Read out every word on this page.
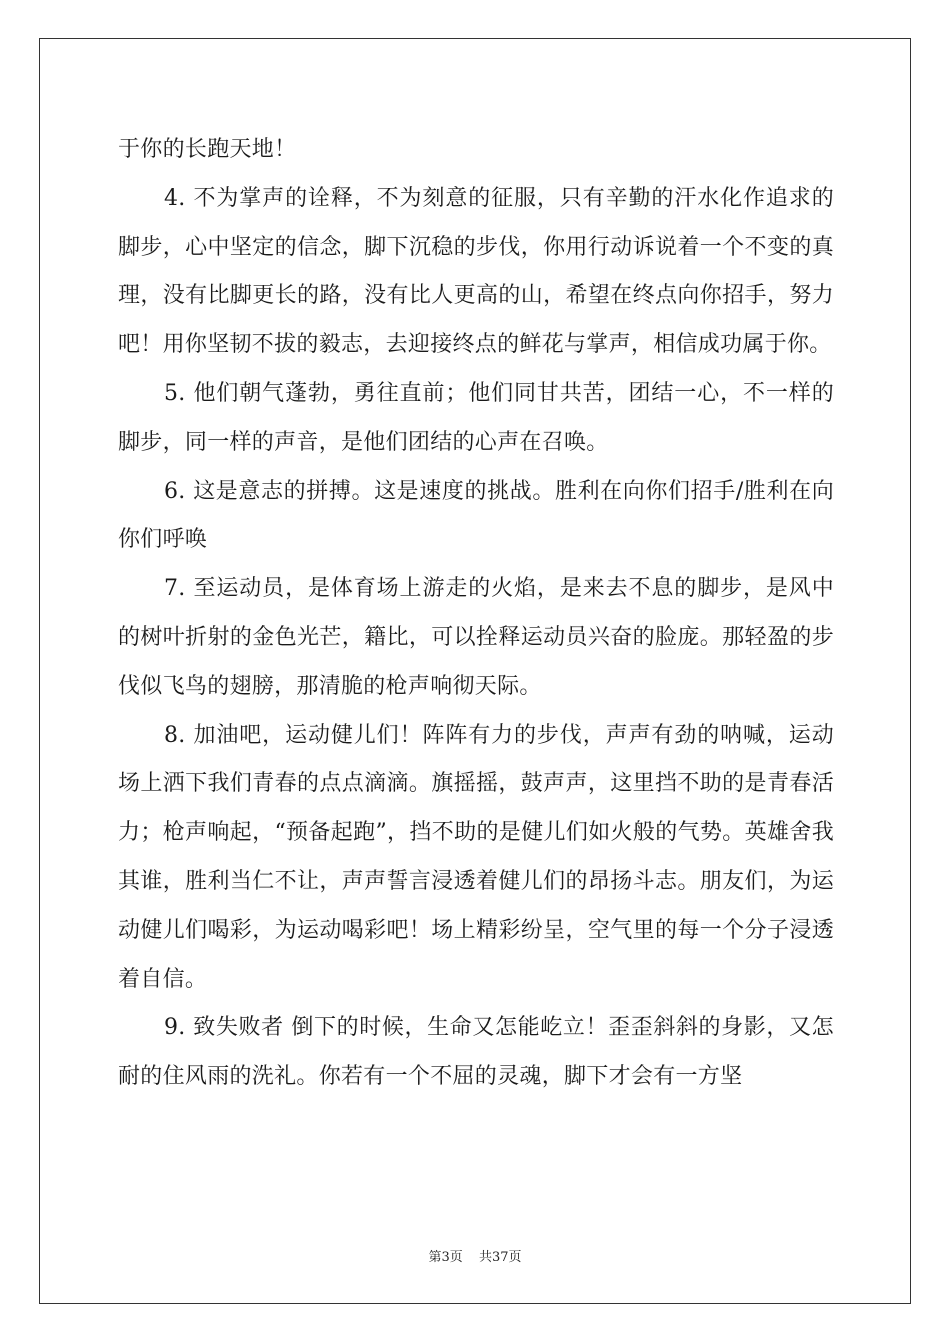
于你的长跑天地！

4. 不为掌声的诠释，不为刻意的征服，只有辛勤的汗水化作追求的脚步，心中坚定的信念，脚下沉稳的步伐，你用行动诉说着一个不变的真理，没有比脚更长的路，没有比人更高的山，希望在终点向你招手，努力吧！用你坚韧不拔的毅志，去迎接终点的鲜花与掌声，相信成功属于你。

5. 他们朝气蓬勃，勇往直前；他们同甘共苦，团结一心，不一样的脚步，同一样的声音，是他们团结的心声在召唤。

6. 这是意志的拼搏。这是速度的挑战。胜利在向你们招手/胜利在向你们呼唤

7. 至运动员，是体育场上游走的火焰，是来去不息的脚步，是风中的树叶折射的金色光芒，籍比，可以拴释运动员兴奋的脸庞。那轻盈的步伐似飞鸟的翅膀，那清脆的枪声响彻天际。

8. 加油吧，运动健儿们！阵阵有力的步伐，声声有劲的呐喊，运动场上洒下我们青春的点点滴滴。旗摇摇，鼓声声，这里挡不助的是青春活力；枪声响起，“预备起跑”，挡不助的是健儿们如火般的气势。英雄舍我其谁，胜利当仁不让，声声誓言浸透着健儿们的昂扬斗志。朋友们，为运动健儿们喝彩，为运动喝彩吧！场上精彩纷呈，空气里的每一个分子浸透着自信。

9. 致失败者 倒下的时候，生命又怎能屹立！歪歪斜斜的身影，又怎耐的住风雨的洗礼。你若有一个不屈的灵魂，脚下才会有一方坚

第3页 共37页
